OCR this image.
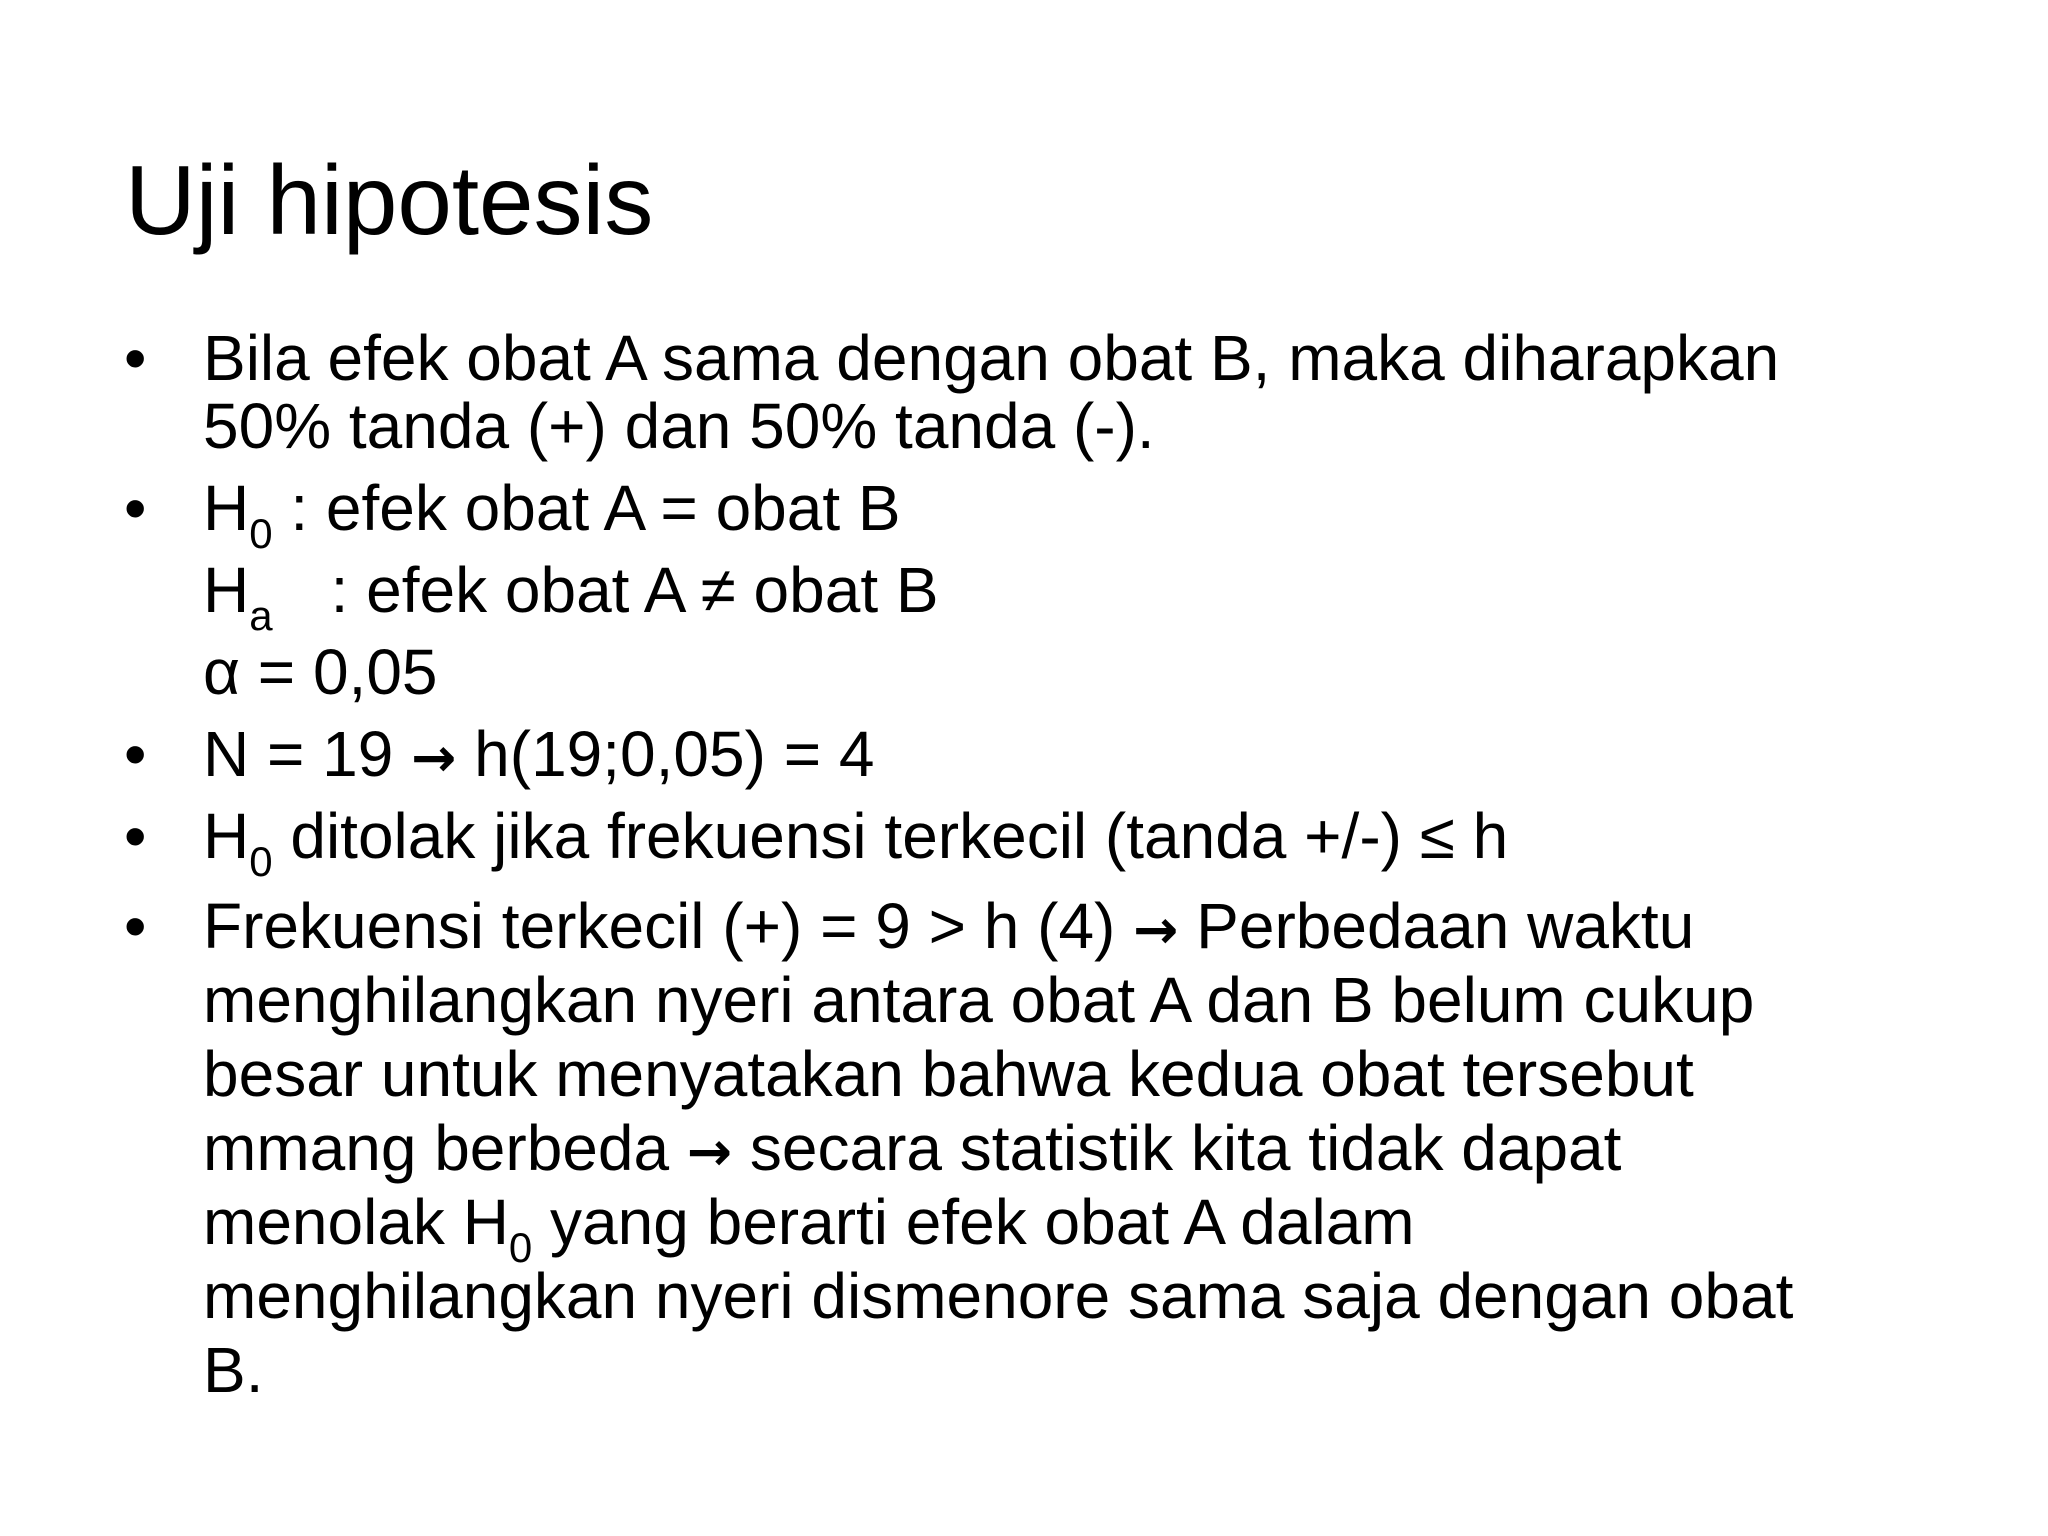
Uji hipotesis
• Bila efek obat A sama dengan obat B, maka diharapkan
50% tanda (+) dan 50% tanda (-).
• $H_0$ : efek obat A = obat B
$H_a$ : efek obat A ≠ obat B
α = 0,05
• N = 19 → h(19;0,05) = 4
• $H_0$ ditolak jika frekuensi terkecil (tanda +/-) ≤ h
• Frekuensi terkecil (+) = 9 > h (4) → Perbedaan waktu
menghilangkan nyeri antara obat A dan B belum cukup
besar untuk menyatakan bahwa kedua obat tersebut
mmang berbeda → secara statistik kita tidak dapat
menolak $H_0$ yang berarti efek obat A dalam
menghilangkan nyeri dismenore sama saja dengan obat
B.
